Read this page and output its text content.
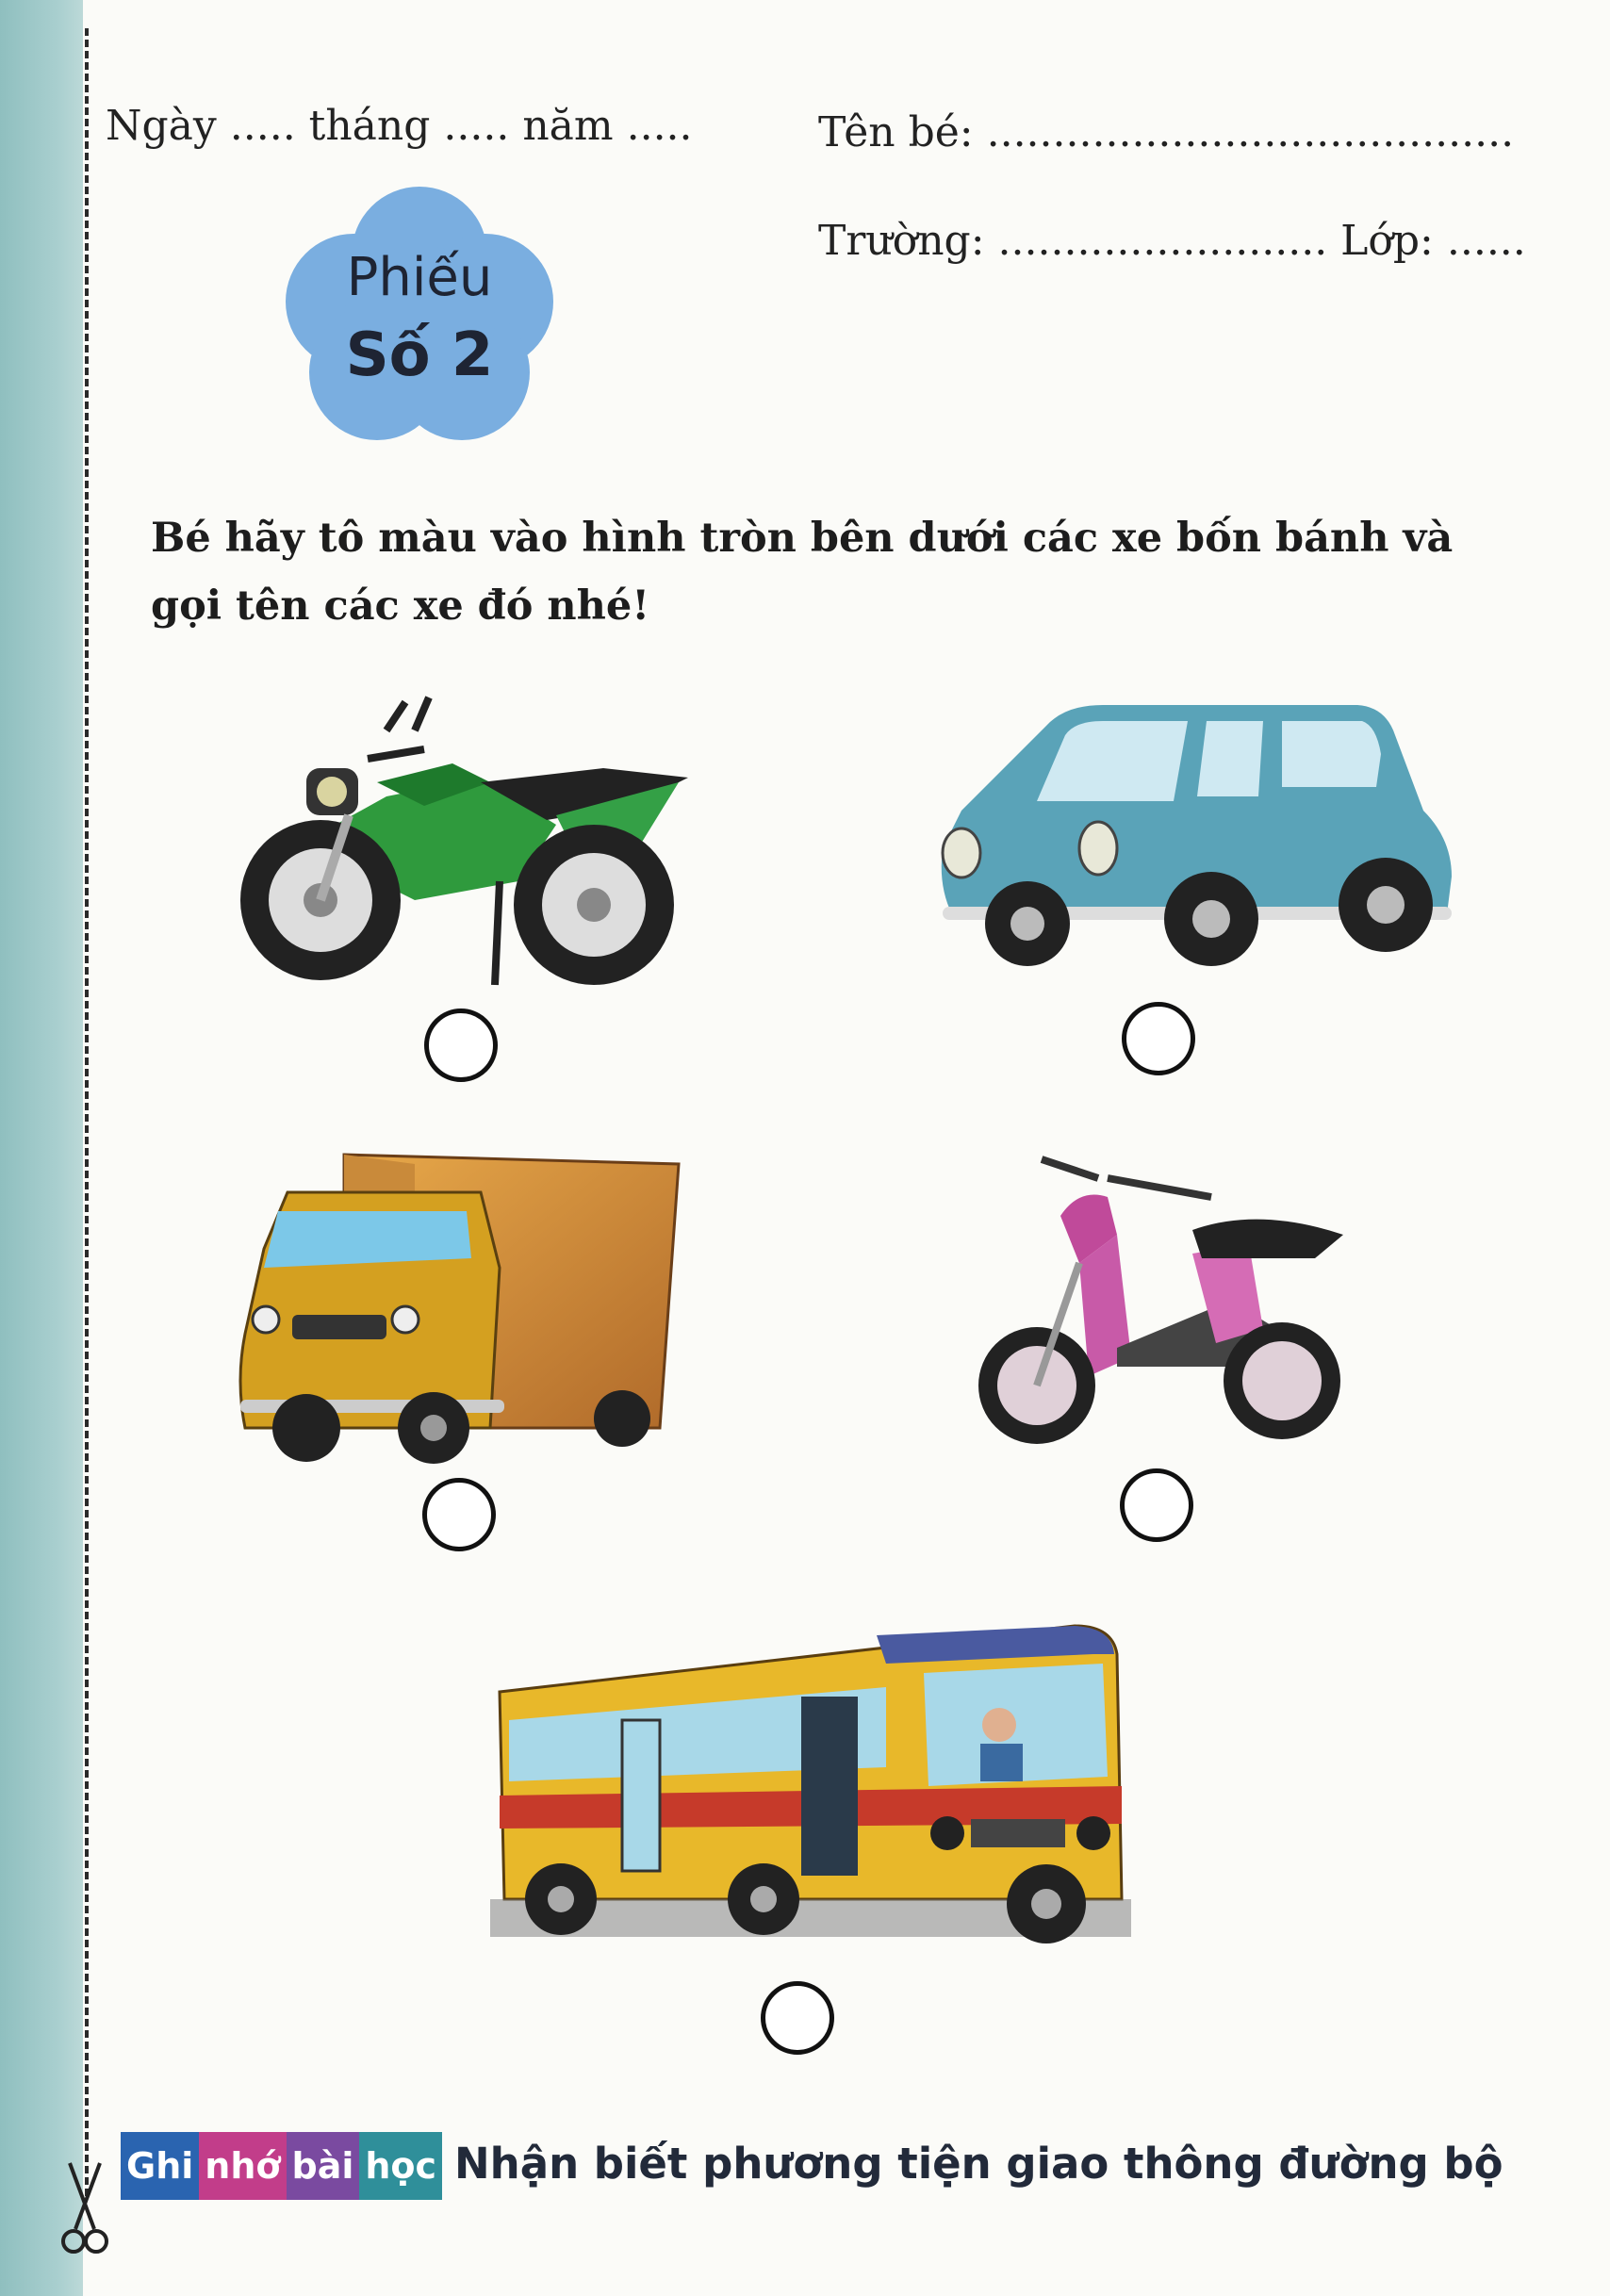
Ngày ..... tháng ..... năm .....	Tên bé: ........................................
Trường: ......................... Lớp: ......
Phiếu
Số 2
Bé hãy tô màu vào hình tròn bên dưới các xe bốn bánh và gọi tên các xe đó nhé!
Ghi nhớ bài học Nhận biết phương tiện giao thông đường bộ
